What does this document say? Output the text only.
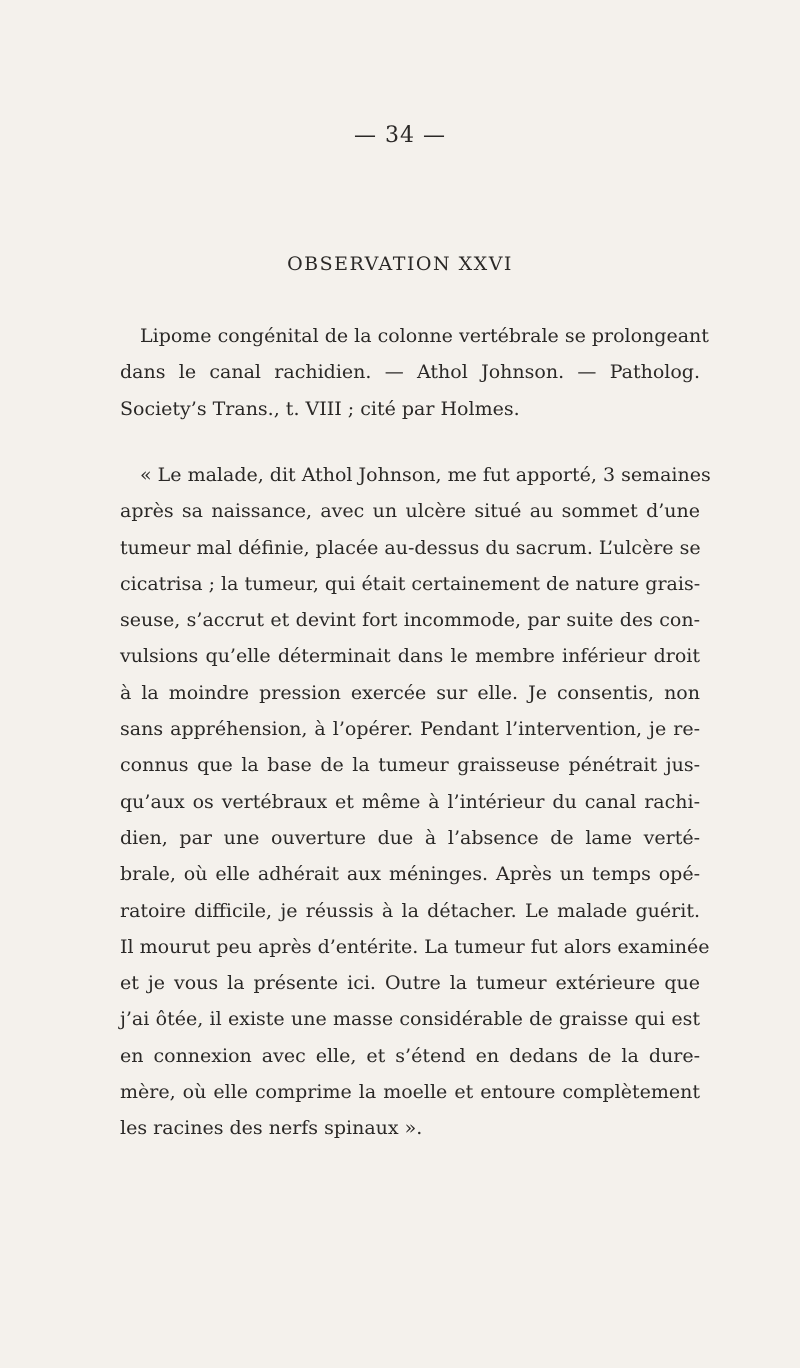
— 34 —
OBSERVATION XXVI
Lipome congénital de la colonne vertébrale se prolongeant
dans le canal rachidien. — Athol Johnson. — Patholog.
Society’s Trans., t. VIII ; cité par Holmes.
« Le malade, dit Athol Johnson, me fut apporté, 3 semaines
après sa naissance, avec un ulcère situé au sommet d’une
tumeur mal définie, placée au-dessus du sacrum. L’ulcère se
cicatrisa ; la tumeur, qui était certainement de nature grais-
seuse, s’accrut et devint fort incommode, par suite des con-
vulsions qu’elle déterminait dans le membre inférieur droit
à la moindre pression exercée sur elle. Je consentis, non
sans appréhension, à l’opérer. Pendant l’intervention, je re-
connus que la base de la tumeur graisseuse pénétrait jus-
qu’aux os vertébraux et même à l’intérieur du canal rachi-
dien, par une ouverture due à l’absence de lame verté-
brale, où elle adhérait aux méninges. Après un temps opé-
ratoire difficile, je réussis à la détacher. Le malade guérit.
Il mourut peu après d’entérite. La tumeur fut alors examinée
et je vous la présente ici. Outre la tumeur extérieure que
j’ai ôtée, il existe une masse considérable de graisse qui est
en connexion avec elle, et s’étend en dedans de la dure-
mère, où elle comprime la moelle et entoure complètement
les racines des nerfs spinaux ».
